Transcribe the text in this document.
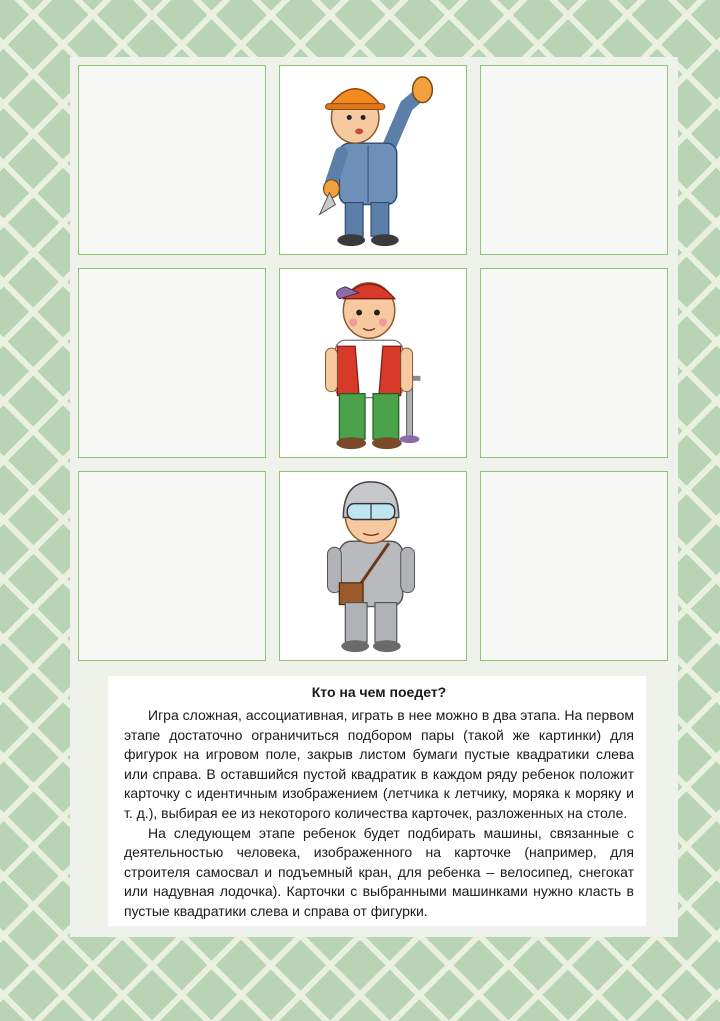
Кто на чем поедет?

Игра сложная, ассоциативная, играть в нее можно в два этапа. На первом этапе достаточно ограничиться подбором пары (такой же картинки) для фигурок на игровом поле, закрыв листом бумаги пустые квадратики слева или справа. В оставшийся пустой квадратик в каждом ряду ребенок положит карточку с идентичным изображением (летчика к летчику, моряка к моряку и т. д.), выбирая ее из некоторого количества карточек, разложенных на столе.

На следующем этапе ребенок будет подбирать машины, связанные с деятельностью человека, изображенного на карточке (например, для строителя самосвал и подъемный кран, для ребенка – велосипед, снегокат или надувная лодочка). Карточки с выбранными машинками нужно класть в пустые квадратики слева и справа от фигурки.
